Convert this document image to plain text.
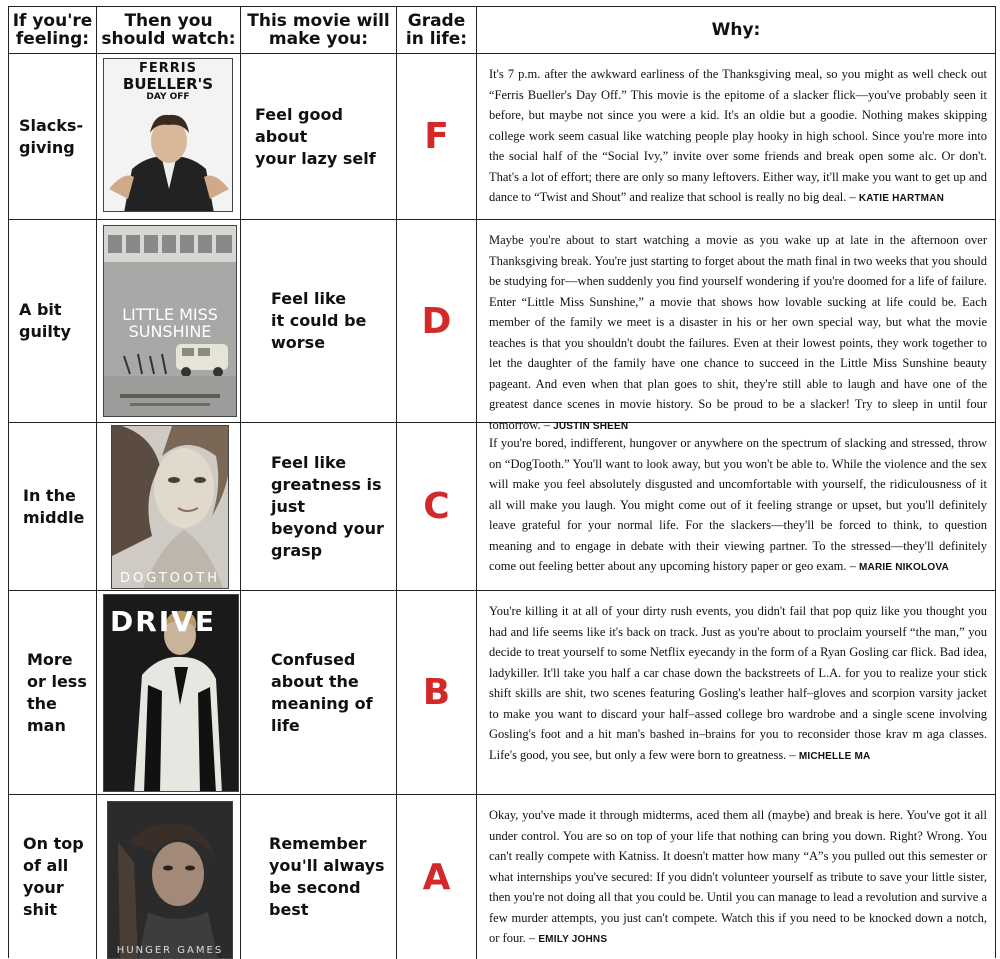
If you're feeling:
Then you should watch:
This movie will make you:
Grade in life:	Why:
Slacks-
giving
FERRIS
BUELLER'S
DAY OFF
Feel good about
your lazy self
F
It's 7 p.m. after the awkward earliness of the Thanksgiving meal, so you might as well check out “Ferris Bueller's Day Off.” This movie is the epitome of a slacker flick—you've probably seen it before, but maybe not since you were a kid. It's an oldie but a goodie. Nothing makes skipping college work seem casual like watching people play hooky in high school. Since you're more into the social half of the “Social Ivy,” invite over some friends and break open some alc. Or don't. That's a lot of effort; there are only so many leftovers. Either way, it'll make you want to get up and dance to “Twist and Shout” and realize that school is really no big deal. – KATIE HARTMAN
A bit
guilty
LITTLE MISS
SUNSHINE
Feel like
it could be
worse
D
Maybe you're about to start watching a movie as you wake up at late in the afternoon over Thanksgiving break. You're just starting to forget about the math final in two weeks that you should be studying for—when suddenly you find yourself wondering if you're doomed for a life of failure. Enter “Little Miss Sunshine,” a movie that shows how lovable sucking at life could be. Each member of the family we meet is a disaster in his or her own special way, but what the movie teaches is that you shouldn't doubt the failures. Even at their lowest points, they work together to let the daughter of the family have one chance to succeed in the Little Miss Sunshine beauty pageant. And even when that plan goes to shit, they're still able to laugh and have one of the greatest dance scenes in movie history. So be proud to be a slacker! Try to sleep in until four tomorrow. – JUSTIN SHEEN
In the
middle
DOGTOOTH
Feel like
greatness is
just
beyond your
grasp
C
If you're bored, indifferent, hungover or anywhere on the spectrum of slacking and stressed, throw on “DogTooth.” You'll want to look away, but you won't be able to. While the violence and the sex will make you feel absolutely disgusted and uncomfortable with yourself, the ridiculousness of it all will make you laugh. You might come out of it feeling strange or upset, but you'll definitely leave grateful for your normal life. For the slackers—they'll be forced to think, to question meaning and to engage in debate with their viewing partner. To the stressed—they'll definitely come out feeling better about any upcoming history paper or geo exam. – MARIE NIKOLOVA
More
or less
the
man
DRIVE
Confused
about the
meaning of
life
B
You're killing it at all of your dirty rush events, you didn't fail that pop quiz like you thought you had and life seems like it's back on track. Just as you're about to proclaim yourself “the man,” you decide to treat yourself to some Netflix eyecandy in the form of a Ryan Gosling car flick. Bad idea, ladykiller. It'll take you half a car chase down the backstreets of L.A. for you to realize your stick shift skills are shit, two scenes featuring Gosling's leather half–gloves and scorpion varsity jacket to make you want to discard your half–assed college bro wardrobe and a single scene involving Gosling's foot and a hit man's bashed in–brains for you to reconsider those krav m aga classes. Life's good, you see, but only a few were born to greatness. – MICHELLE MA
On top
of all
your
shit
HUNGER GAMES
Remember
you'll always
be second
best
A
Okay, you've made it through midterms, aced them all (maybe) and break is here. You've got it all under control. You are so on top of your life that nothing can bring you down. Right? Wrong. You can't really compete with Katniss. It doesn't matter how many “A”s you pulled out this semester or what internships you've secured: If you didn't volunteer yourself as tribute to save your little sister, then you're not doing all that you could be. Until you can manage to lead a revolution and survive a few murder attempts, you just can't compete. Watch this if you need to be knocked down a notch, or four. – EMILY JOHNS
